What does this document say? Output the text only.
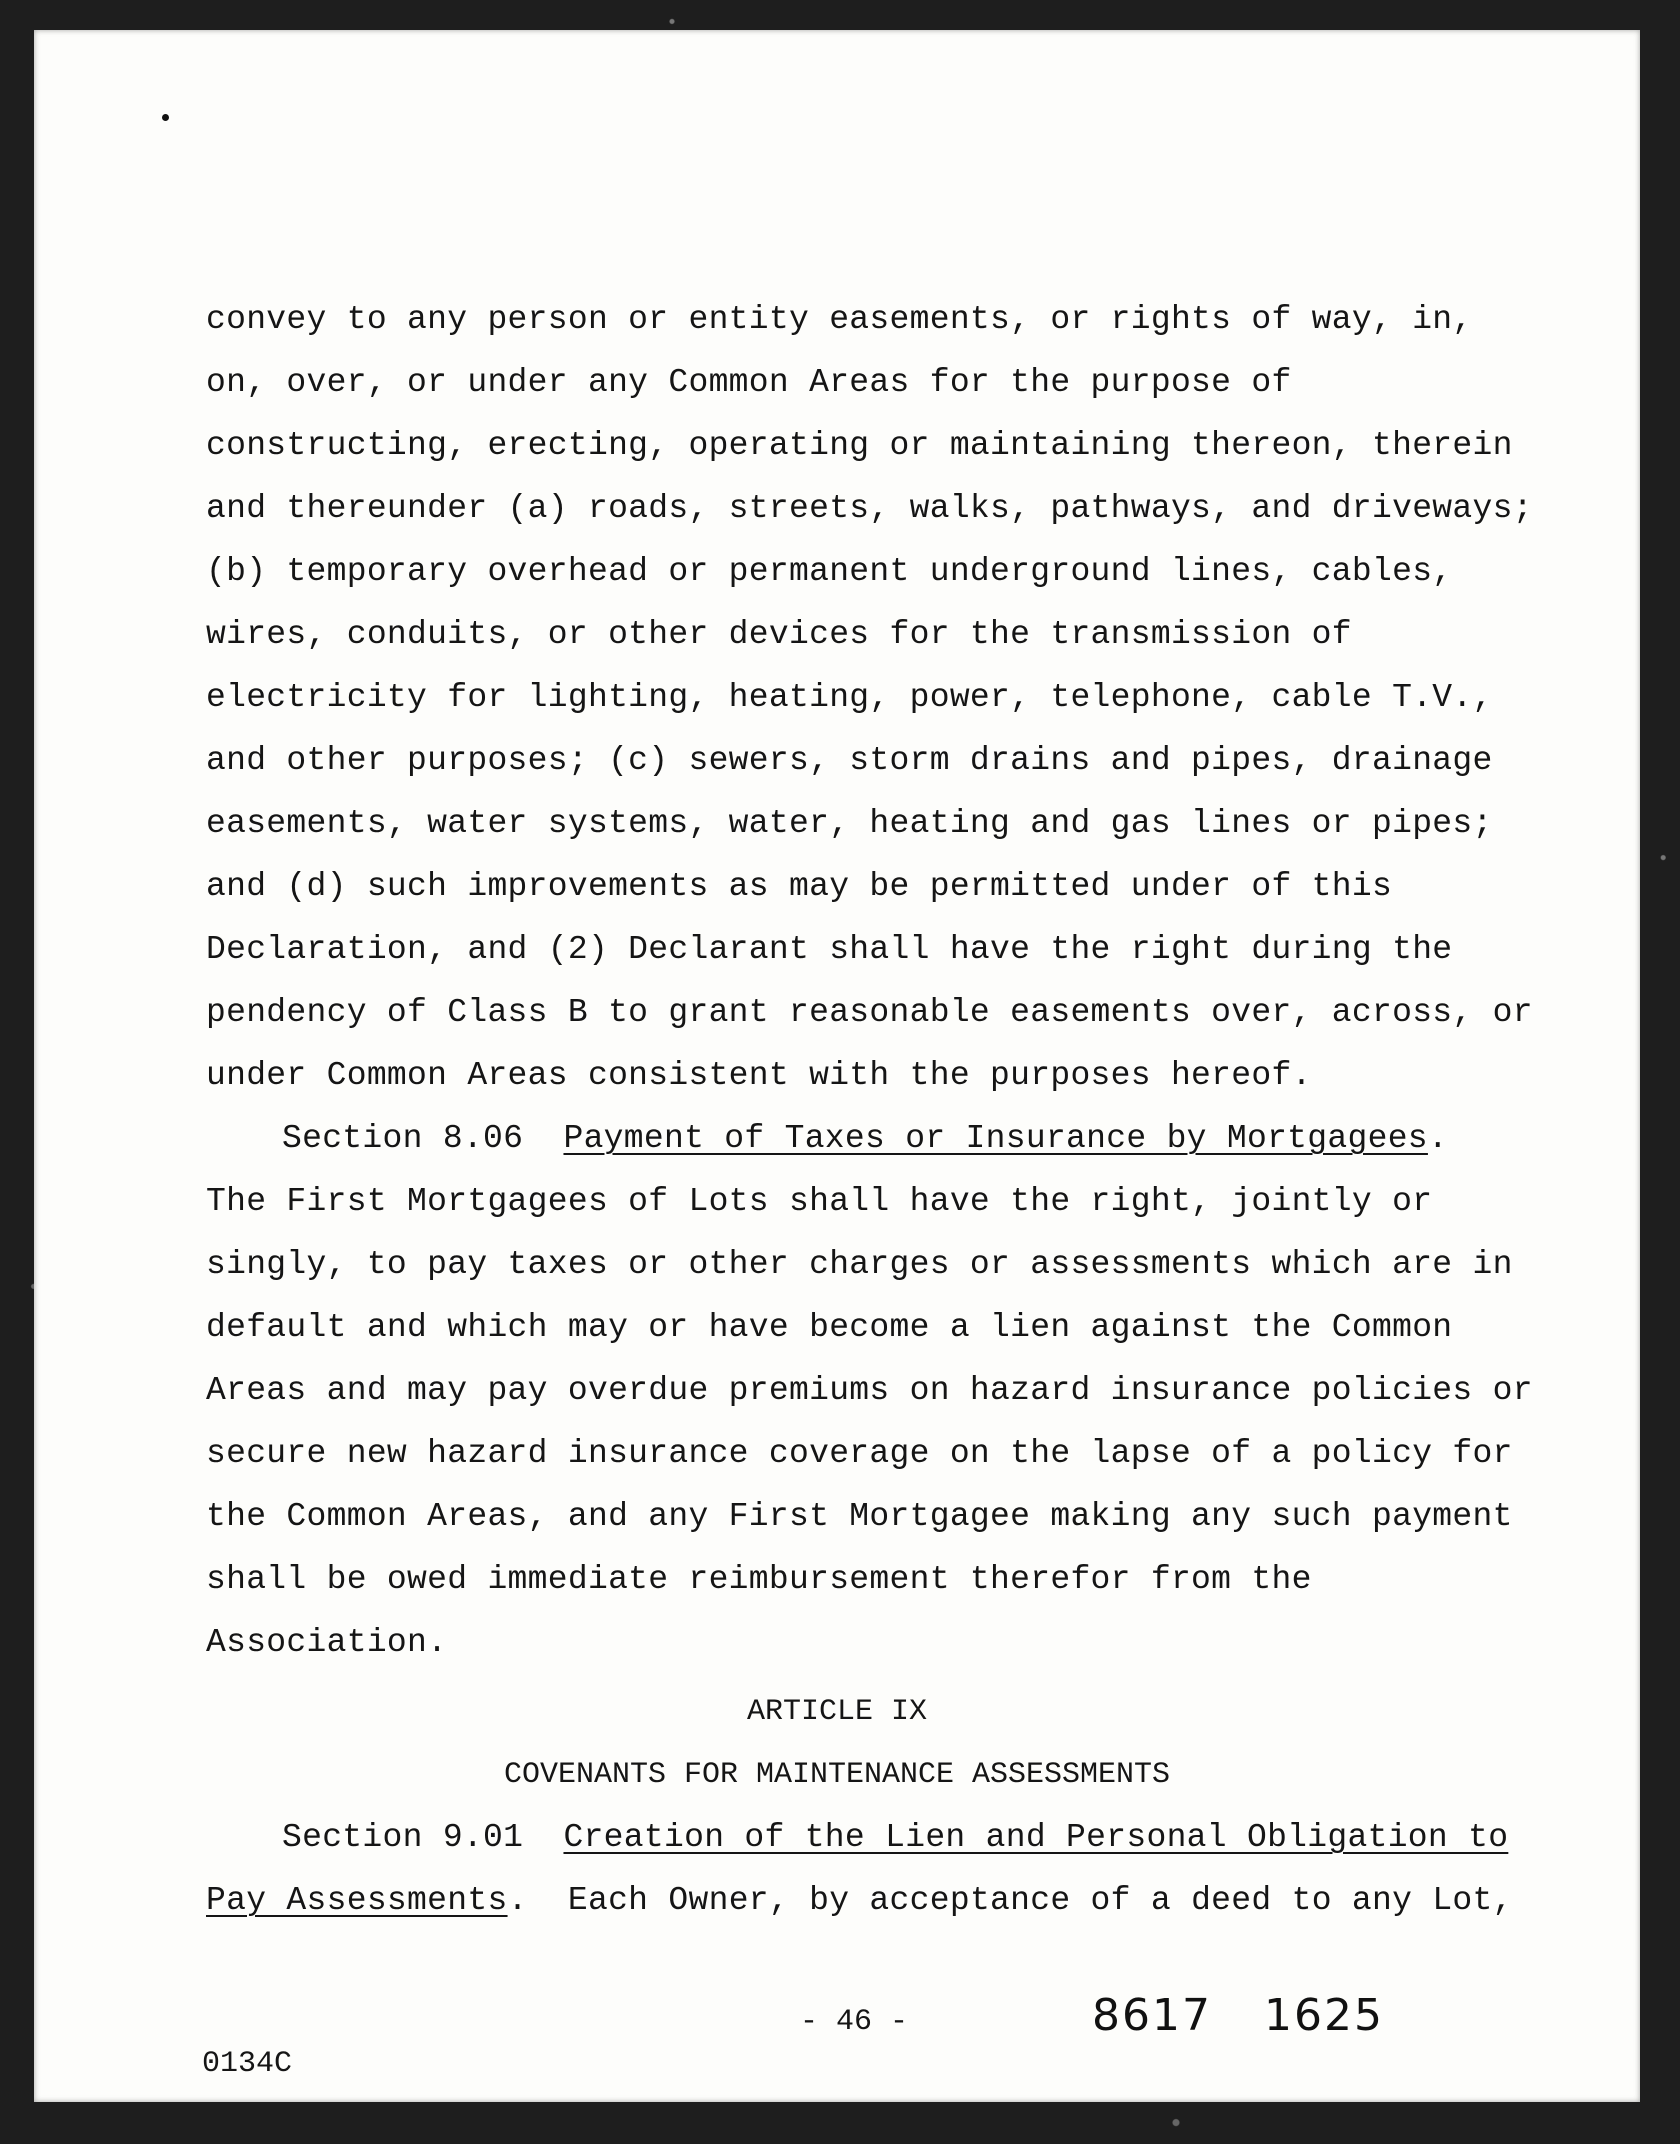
convey to any person or entity easements, or rights of way, in,
on, over, or under any Common Areas for the purpose of
constructing, erecting, operating or maintaining thereon, therein
and thereunder (a) roads, streets, walks, pathways, and driveways;
(b) temporary overhead or permanent underground lines, cables,
wires, conduits, or other devices for the transmission of
electricity for lighting, heating, power, telephone, cable T.V.,
and other purposes; (c) sewers, storm drains and pipes, drainage
easements, water systems, water, heating and gas lines or pipes;
and (d) such improvements as may be permitted under of this
Declaration, and (2) Declarant shall have the right during the
pendency of Class B to grant reasonable easements over, across, or
under Common Areas consistent with the purposes hereof.
Section 8.06 Payment of Taxes or Insurance by Mortgagees.
The First Mortgagees of Lots shall have the right, jointly or
singly, to pay taxes or other charges or assessments which are in
default and which may or have become a lien against the Common
Areas and may pay overdue premiums on hazard insurance policies or
secure new hazard insurance coverage on the lapse of a policy for
the Common Areas, and any First Mortgagee making any such payment
shall be owed immediate reimbursement therefor from the
Association.
ARTICLE IX
COVENANTS FOR MAINTENANCE ASSESSMENTS
Section 9.01 Creation of the Lien and Personal Obligation to
Pay Assessments.  Each Owner, by acceptance of a deed to any Lot,
- 46 -
0134C
8617 1625
